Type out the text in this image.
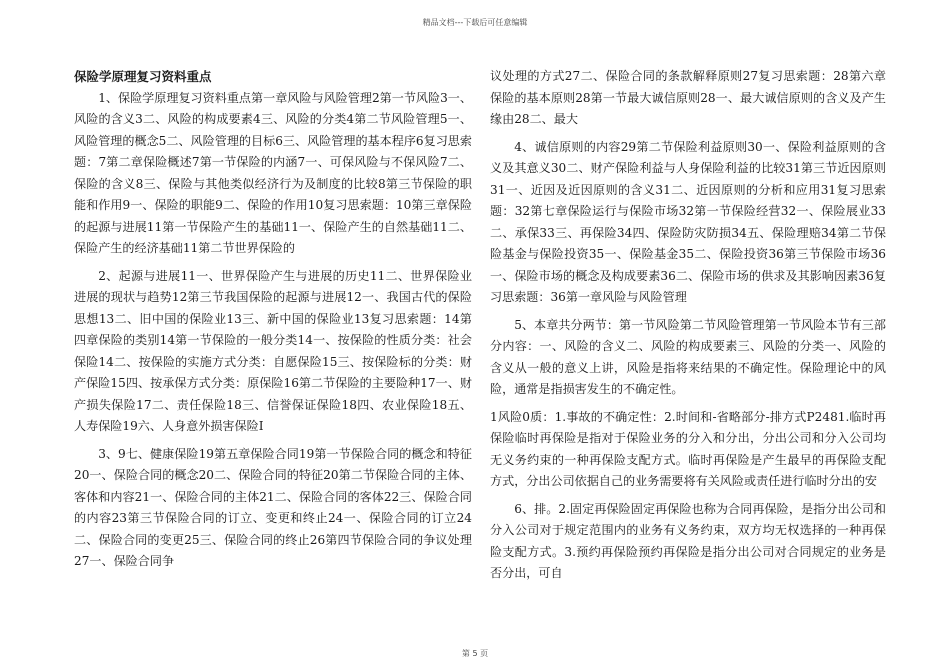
精品文档---下载后可任意编辑
保险学原理复习资料重点

1、保险学原理复习资料重点第一章风险与风险管理2第一节风险3一、风险的含义3二、风险的构成要素4三、风险的分类4第二节风险管理5一、风险管理的概念5二、风险管理的目标6三、风险管理的基本程序6复习思索题：7第二章保险概述7第一节保险的内涵7一、可保风险与不保风险7二、保险的含义8三、保险与其他类似经济行为及制度的比较8第三节保险的职能和作用9一、保险的职能9二、保险的作用10复习思索题：10第三章保险的起源与进展11第一节保险产生的基础11一、保险产生的自然基础11二、保险产生的经济基础11第二节世界保险的

2、起源与进展11一、世界保险产生与进展的历史11二、世界保险业进展的现状与趋势12第三节我国保险的起源与进展12一、我国古代的保险思想13二、旧中国的保险业13三、新中国的保险业13复习思索题：14第四章保险的类别14第一节保险的一般分类14一、按保险的性质分类：社会保险14二、按保险的实施方式分类：自愿保险15三、按保险标的分类：财产保险15四、按承保方式分类：原保险16第二节保险的主要险种17一、财产损失保险17二、责任保险18三、信誉保证保险18四、农业保险18五、人寿保险19六、人身意外损害保险I

3、9七、健康保险19第五章保险合同19第一节保险合同的概念和特征20一、保险合同的概念20二、保险合同的特征20第二节保险合同的主体、客体和内容21一、保险合同的主体21二、保险合同的客体22三、保险合同的内容23第三节保险合同的订立、变更和终止24一、保险合同的订立24二、保险合同的变更25三、保险合同的终止26第四节保险合同的争议处理27一、保险合同争

议处理的方式27二、保险合同的条款解释原则27复习思索题：28第六章保险的基本原则28第一节最大诚信原则28一、最大诚信原则的含义及产生缘由28二、最大

4、诚信原则的内容29第二节保险利益原则30一、保险利益原则的含义及其意义30二、财产保险利益与人身保险利益的比较31第三节近因原则31一、近因及近因原则的含义31二、近因原则的分析和应用31复习思索题：32第七章保险运行与保险市场32第一节保险经营32一、保险展业33二、承保33三、再保险34四、保险防灾防损34五、保险理赔34第二节保险基金与保险投资35一、保险基金35二、保险投资36第三节保险市场36一、保险市场的概念及构成要素36二、保险市场的供求及其影响因素36复习思索题：36第一章风险与风险管理

5、本章共分两节：第一节风险第二节风险管理第一节风险本节有三部分内容：一、风险的含义二、风险的构成要素三、风险的分类一、风险的含义从一般的意义上讲，风险是指将来结果的不确定性。保险理论中的风险，通常是指损害发生的不确定性。

1风险0质：1.事故的不确定性：2.时间和-省略部分-排方式P2481.临时再保险临时再保险是指对于保险业务的分入和分出，分出公司和分入公司均无义务约束的一种再保险支配方式。临时再保险是产生最早的再保险支配方式，分出公司依据自己的业务需要将有关风险或责任进行临时分出的安

6、排。2.固定再保险固定再保险也称为合同再保险，是指分出公司和分入公司对于规定范围内的业务有义务约束，双方均无权选择的一种再保险支配方式。3.预约再保险预约再保险是指分出公司对合同规定的业务是否分出，可自

第 5 页
